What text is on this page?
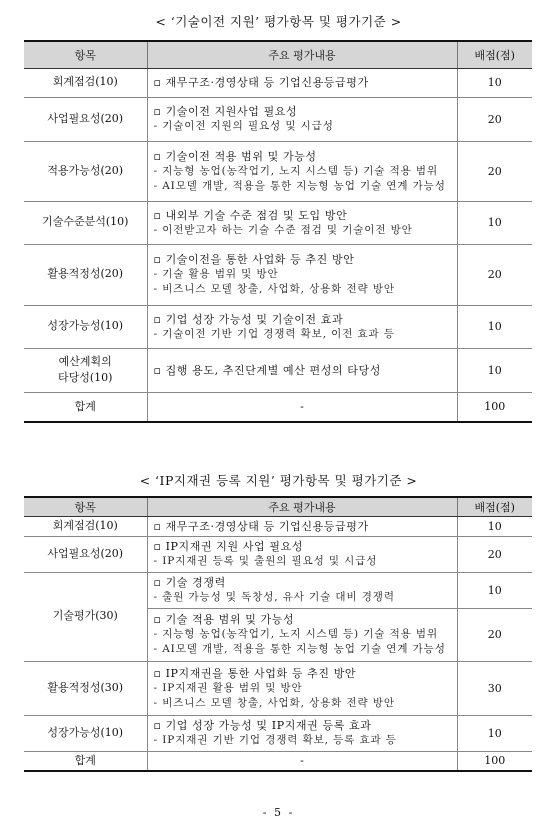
< ‘기술이전 지원’ 평가항목 및 평가기준 >
항목	주요 평가내용	배점(점)
회계점검(10)	▫ 재무구조·경영상태 등 기업신용등급평가	10
사업필요성(20)	▫ 기술이전 지원사업 필요성
- 기술이전 지원의 필요성 및 시급성	20
적용가능성(20)	▫ 기술이전 적용 범위 및 가능성
- 지능형 농업(농작업기, 노지 시스템 등) 기술 적용 범위
- AI모델 개발, 적용을 통한 지능형 농업 기술 연계 가능성	20
기술수준분석(10)	▫ 내외부 기술 수준 점검 및 도입 방안
- 이전받고자 하는 기술 수준 점검 및 기술이전 방안	10
활용적정성(20)	▫ 기술이전을 통한 사업화 등 추진 방안
- 기술 활용 범위 및 방안
- 비즈니스 모델 창출, 사업화, 상용화 전략 방안	20
성장가능성(10)	▫ 기업 성장 가능성 및 기술이전 효과
- 기술이전 기반 기업 경쟁력 확보, 이전 효과 등	10

예산계획의
타당성(10)	▫ 집행 용도, 추진단계별 예산 편성의 타당성	10
합계	-	100
< ‘IP지재권 등록 지원’ 평가항목 및 평가기준 >
항목	주요 평가내용	배점(점)
회계점검(10)	▫ 재무구조·경영상태 등 기업신용등급평가	10
사업필요성(20)	▫ IP지재권 지원 사업 필요성
- IP지재권 등록 및 출원의 필요성 및 시급성	20
기술평가(30)	▫ 기술 경쟁력
- 출원 가능성 및 독창성, 유사 기술 대비 경쟁력	10

	▫ 기술 적용 범위 및 가능성
- 지능형 농업(농작업기, 노지 시스템 등) 기술 적용 범위
- AI모델 개발, 적용을 통한 지능형 농업 기술 연계 가능성	20
활용적정성(30)	▫ IP지재권을 통한 사업화 등 추진 방안
- IP지재권 활용 범위 및 방안
- 비즈니스 모델 창출, 사업화, 상용화 전략 방안	30
성장가능성(10)	▫ 기업 성장 가능성 및 IP지재권 등록 효과
- IP지재권 기반 기업 경쟁력 확보, 등록 효과 등	10
합계	-	100
- 5 -
